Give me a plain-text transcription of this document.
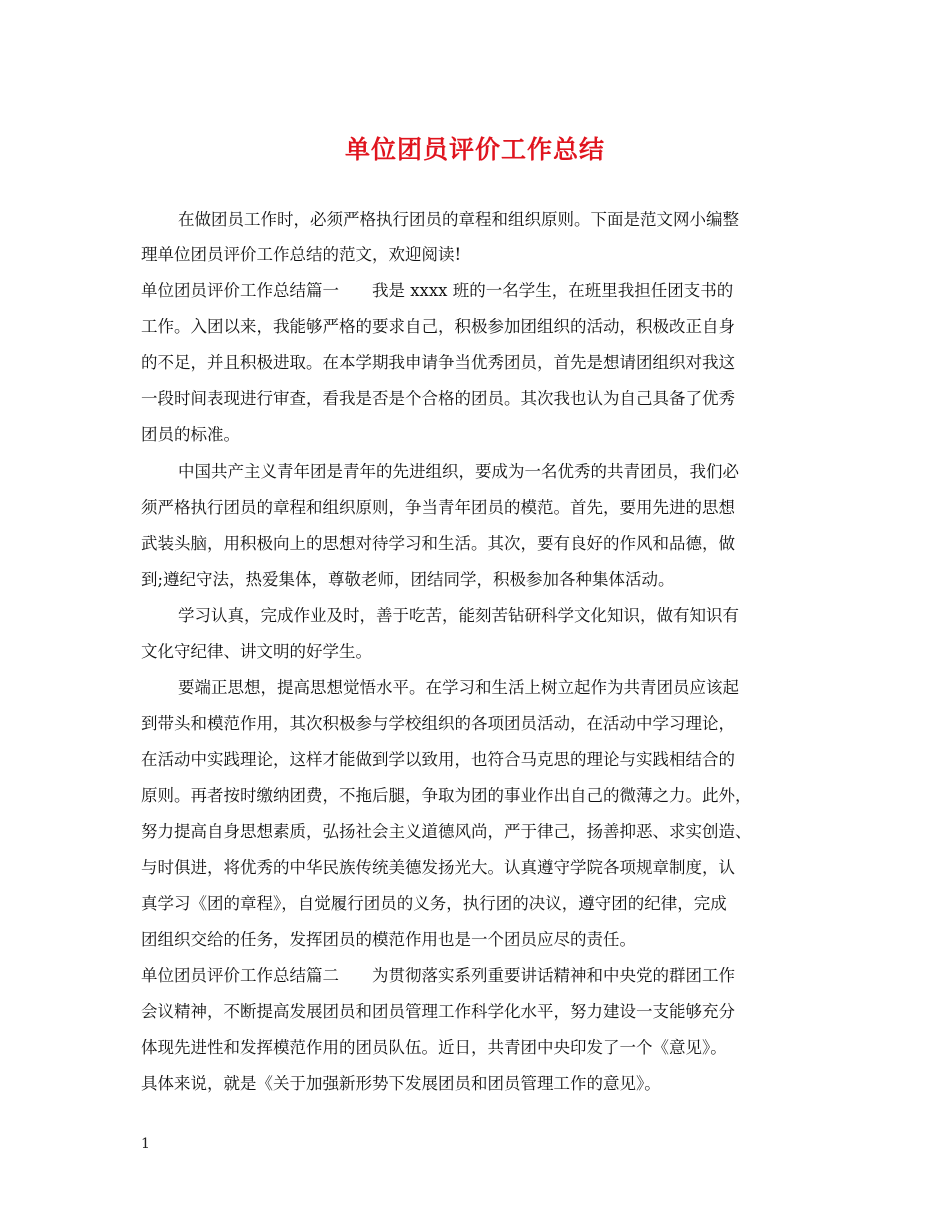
单位团员评价工作总结
在做团员工作时，必须严格执行团员的章程和组织原则。下面是范文网小编整
理单位团员评价工作总结的范文，欢迎阅读!
单位团员评价工作总结篇一　　我是 xxxx 班的一名学生，在班里我担任团支书的
工作。入团以来，我能够严格的要求自己，积极参加团组织的活动，积极改正自身
的不足，并且积极进取。在本学期我申请争当优秀团员，首先是想请团组织对我这
一段时间表现进行审查，看我是否是个合格的团员。其次我也认为自己具备了优秀
团员的标准。
中国共产主义青年团是青年的先进组织，要成为一名优秀的共青团员，我们必
须严格执行团员的章程和组织原则，争当青年团员的模范。首先，要用先进的思想
武装头脑，用积极向上的思想对待学习和生活。其次，要有良好的作风和品德，做
到;遵纪守法，热爱集体，尊敬老师，团结同学，积极参加各种集体活动。
学习认真，完成作业及时，善于吃苦，能刻苦钻研科学文化知识，做有知识有
文化守纪律、讲文明的好学生。
要端正思想，提高思想觉悟水平。在学习和生活上树立起作为共青团员应该起
到带头和模范作用，其次积极参与学校组织的各项团员活动，在活动中学习理论，
在活动中实践理论，这样才能做到学以致用，也符合马克思的理论与实践相结合的
原则。再者按时缴纳团费，不拖后腿，争取为团的事业作出自己的微薄之力。此外，
努力提高自身思想素质，弘扬社会主义道德风尚，严于律己，扬善抑恶、求实创造、
与时俱进，将优秀的中华民族传统美德发扬光大。认真遵守学院各项规章制度，认
真学习《团的章程》，自觉履行团员的义务，执行团的决议，遵守团的纪律，完成
团组织交给的任务，发挥团员的模范作用也是一个团员应尽的责任。
单位团员评价工作总结篇二　　为贯彻落实系列重要讲话精神和中央党的群团工作
会议精神，不断提高发展团员和团员管理工作科学化水平，努力建设一支能够充分
体现先进性和发挥模范作用的团员队伍。近日，共青团中央印发了一个《意见》。
具体来说，就是《关于加强新形势下发展团员和团员管理工作的意见》。
1
